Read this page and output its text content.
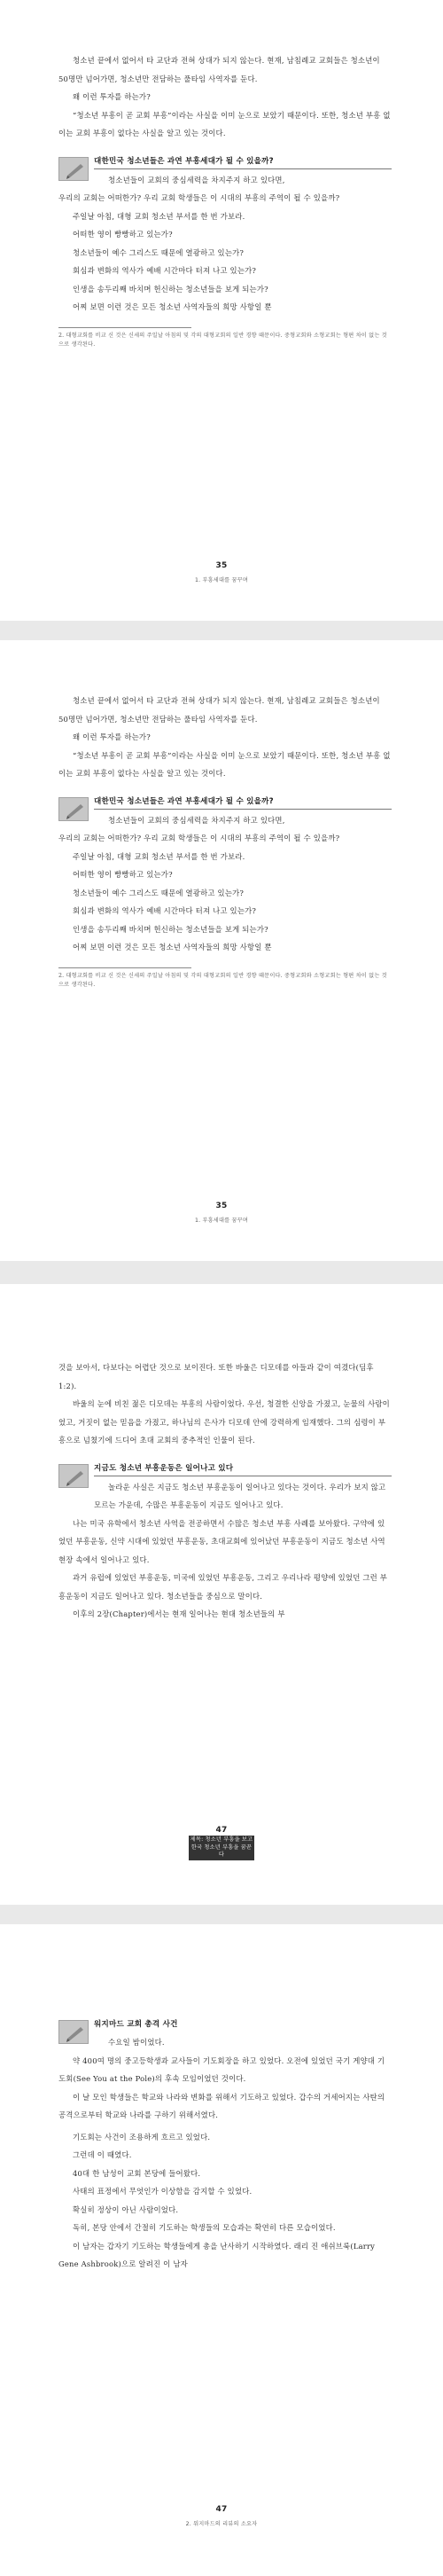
청소년 끝에서 없어서 타 교단과 전혀 상대가 되지 않는다. 현재, 남침례교 교회들은 청소년이 50명만 넘어가면, 청소년만 전담하는 풀타임 사역자를 둔다.

왜 이런 투자를 하는가?

“청소년 부흥이 곧 교회 부흥”이라는 사실을 이미 눈으로 보았기 때문이다. 또한, 청소년 부흥 없이는 교회 부흥이 없다는 사실을 알고 있는 것이다.

대한민국 청소년들은 과연 부흥세대가 될 수 있을까?

청소년들이 교회의 중심세력을 차지주지 하고 있다면,

우리의 교회는 어떠한가? 우리 교회 학생들은 이 시대의 부흥의 주역이 될 수 있을까?

주일날 아침, 대형 교회 청소년 부서를 한 번 가보라.

어떠한 영이 빵빵하고 있는가?

청소년들이 예수 그리스도 때문에 열광하고 있는가?

회심과 변화의 역사가 예배 시간마다 터져 나고 있는가?

인생을 송두리째 바치며 헌신하는 청소년들을 보게 되는가?

어찌 보면 이런 것은 모든 청소년 사역자들의 희망 사항일 뿐

2. 대형교회를 비교 신 것은 신세의 주일날 아침의 및 각의 대형교회의 일반 경향 때문이다. 중형교회와 소형교회는 형편 차이 없는 것으로 생각된다.

35
1. 부흥세대를 꿈꾸며

청소년 끝에서 없어서 타 교단과 전혀 상대가 되지 않는다. 현재, 남침례교 교회들은 청소년이 50명만 넘어가면, 청소년만 전담하는 풀타임 사역자를 둔다.

왜 이런 투자를 하는가?

“청소년 부흥이 곧 교회 부흥”이라는 사실을 이미 눈으로 보았기 때문이다. 또한, 청소년 부흥 없이는 교회 부흥이 없다는 사실을 알고 있는 것이다.

대한민국 청소년들은 과연 부흥세대가 될 수 있을까?

청소년들이 교회의 중심세력을 차지주지 하고 있다면,

우리의 교회는 어떠한가? 우리 교회 학생들은 이 시대의 부흥의 주역이 될 수 있을까?

주일날 아침, 대형 교회 청소년 부서를 한 번 가보라.

어떠한 영이 빵빵하고 있는가?

청소년들이 예수 그리스도 때문에 열광하고 있는가?

회심과 변화의 역사가 예배 시간마다 터져 나고 있는가?

인생을 송두리째 바치며 헌신하는 청소년들을 보게 되는가?

어찌 보면 이런 것은 모든 청소년 사역자들의 희망 사항일 뿐

2. 대형교회를 비교 신 것은 신세의 주일날 아침의 및 각의 대형교회의 일반 경향 때문이다. 중형교회와 소형교회는 형편 차이 없는 것으로 생각된다.

35
1. 부흥세대를 꿈꾸며

것을 보아서, 다보다는 어렵단 것으로 보이진다. 또한 바울은 디모데를 아들과 같이 여겼다(딤후 1:2).

바울의 눈에 비친 젊은 디모데는 부흥의 사람이었다. 우선, 청결한 신앙을 가졌고, 눈물의 사람이었고, 거짓이 없는 믿음을 가졌고, 하나님의 은사가 디모데 안에 강력하게 임재했다. 그의 심령이 부흥으로 넘쳤기에 드디어 초대 교회의 중추적인 인물이 된다.

지금도 청소년 부흥운동은 일어나고 있다

놀라운 사실은 지금도 청소년 부흥운동이 일어나고 있다는 것이다. 우리가 보지 않고 모르는 가운데, 수많은 부흥운동이 지금도 일어나고 있다.

나는 미국 유학에서 청소년 사역을 전공하면서 수많은 청소년 부흥 사례를 보아왔다. 구약에 있었던 부흥운동, 신약 시대에 있었던 부흥운동, 초대교회에 있어났던 부흥운동이 지금도 청소년 사역 현장 속에서 일어나고 있다.

과거 유럽에 있었던 부흥운동, 미국에 있었던 부흥운동, 그리고 우리나라 평양에 있었던 그런 부흥운동이 지금도 일어나고 있다. 청소년들을 중심으로 말이다.

이후의 2장(Chapter)에서는 현재 일어나는 현대 청소년들의 부

47
제목: 청소년 부흥을 보고
한국 청소년 부흥을 꿈꾼다
워지마드 교회 총격 사건

수요일 밤이었다.

약 400여 명의 중고등학생과 교사들이 기도회장을 하고 있었다. 오전에 있었던 국기 게양대 기도회(See You at the Pole)의 후속 모임이었던 것이다.

이 날 모인 학생들은 학교와 나라와 변화를 위해서 기도하고 있었다. 갑수의 거세어지는 사탄의 공격으로부터 학교와 나라를 구하기 위해서였다.

기도회는 사건이 조용하게 흐르고 있었다.

그런데 이 때였다.

40대 한 남성이 교회 본당에 들어왔다.

사태의 표정에서 무엇인가 이상함을 감지할 수 있었다.

확실히 정상이 아닌 사람이었다.

독히, 본당 안에서 간절히 기도하는 학생들의 모습과는 확연히 다른 모습이었다.

이 남자는 갑자기 기도하는 학생들에게 총을 난사하기 시작하였다. 래리 진 애쉬브룩(Larry Gene Ashbrook)으로 알려진 이 남자

47
2. 워지마드의 리뷰의 소요자
